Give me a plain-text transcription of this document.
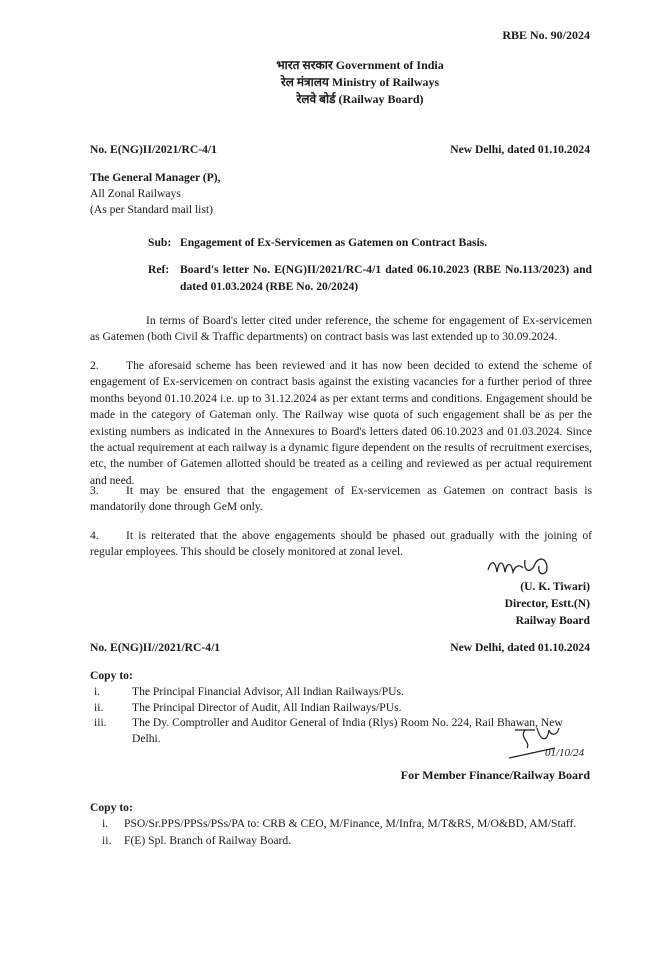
RBE No. 90/2024
भारत सरकार Government of India
रेल मंत्रालय Ministry of Railways
रेलवे बोर्ड (Railway Board)
No. E(NG)II/2021/RC-4/1	New Delhi, dated 01.10.2024
The General Manager (P),
All Zonal Railways
(As per Standard mail list)
Sub: Engagement of Ex-Servicemen as Gatemen on Contract Basis.
Ref: Board's letter No. E(NG)II/2021/RC-4/1 dated 06.10.2023 (RBE No.113/2023) and dated 01.03.2024 (RBE No. 20/2024)
In terms of Board's letter cited under reference, the scheme for engagement of Ex-servicemen as Gatemen (both Civil & Traffic departments) on contract basis was last extended up to 30.09.2024.
2. The aforesaid scheme has been reviewed and it has now been decided to extend the scheme of engagement of Ex-servicemen on contract basis against the existing vacancies for a further period of three months beyond 01.10.2024 i.e. up to 31.12.2024 as per extant terms and conditions. Engagement should be made in the category of Gateman only. The Railway wise quota of such engagement shall be as per the existing numbers as indicated in the Annexures to Board's letters dated 06.10.2023 and 01.03.2024. Since the actual requirement at each railway is a dynamic figure dependent on the results of recruitment exercises, etc, the number of Gatemen allotted should be treated as a ceiling and reviewed as per actual requirement and need.
3. It may be ensured that the engagement of Ex-servicemen as Gatemen on contract basis is mandatorily done through GeM only.
4. It is reiterated that the above engagements should be phased out gradually with the joining of regular employees. This should be closely monitored at zonal level.
(U. K. Tiwari)
Director, Estt.(N)
Railway Board
No. E(NG)II//2021/RC-4/1	New Delhi, dated 01.10.2024
Copy to:
i.	The Principal Financial Advisor, All Indian Railways/PUs.
ii.	The Principal Director of Audit, All Indian Railways/PUs.
iii.	The Dy. Comptroller and Auditor General of India (Rlys) Room No. 224, Rail Bhawan, New Delhi.
01/10/24
For Member Finance/Railway Board
Copy to:
i.	PSO/Sr.PPS/PPSs/PSs/PA to: CRB & CEO, M/Finance, M/Infra, M/T&RS, M/O&BD, AM/Staff.
ii.	F(E) Spl. Branch of Railway Board.
